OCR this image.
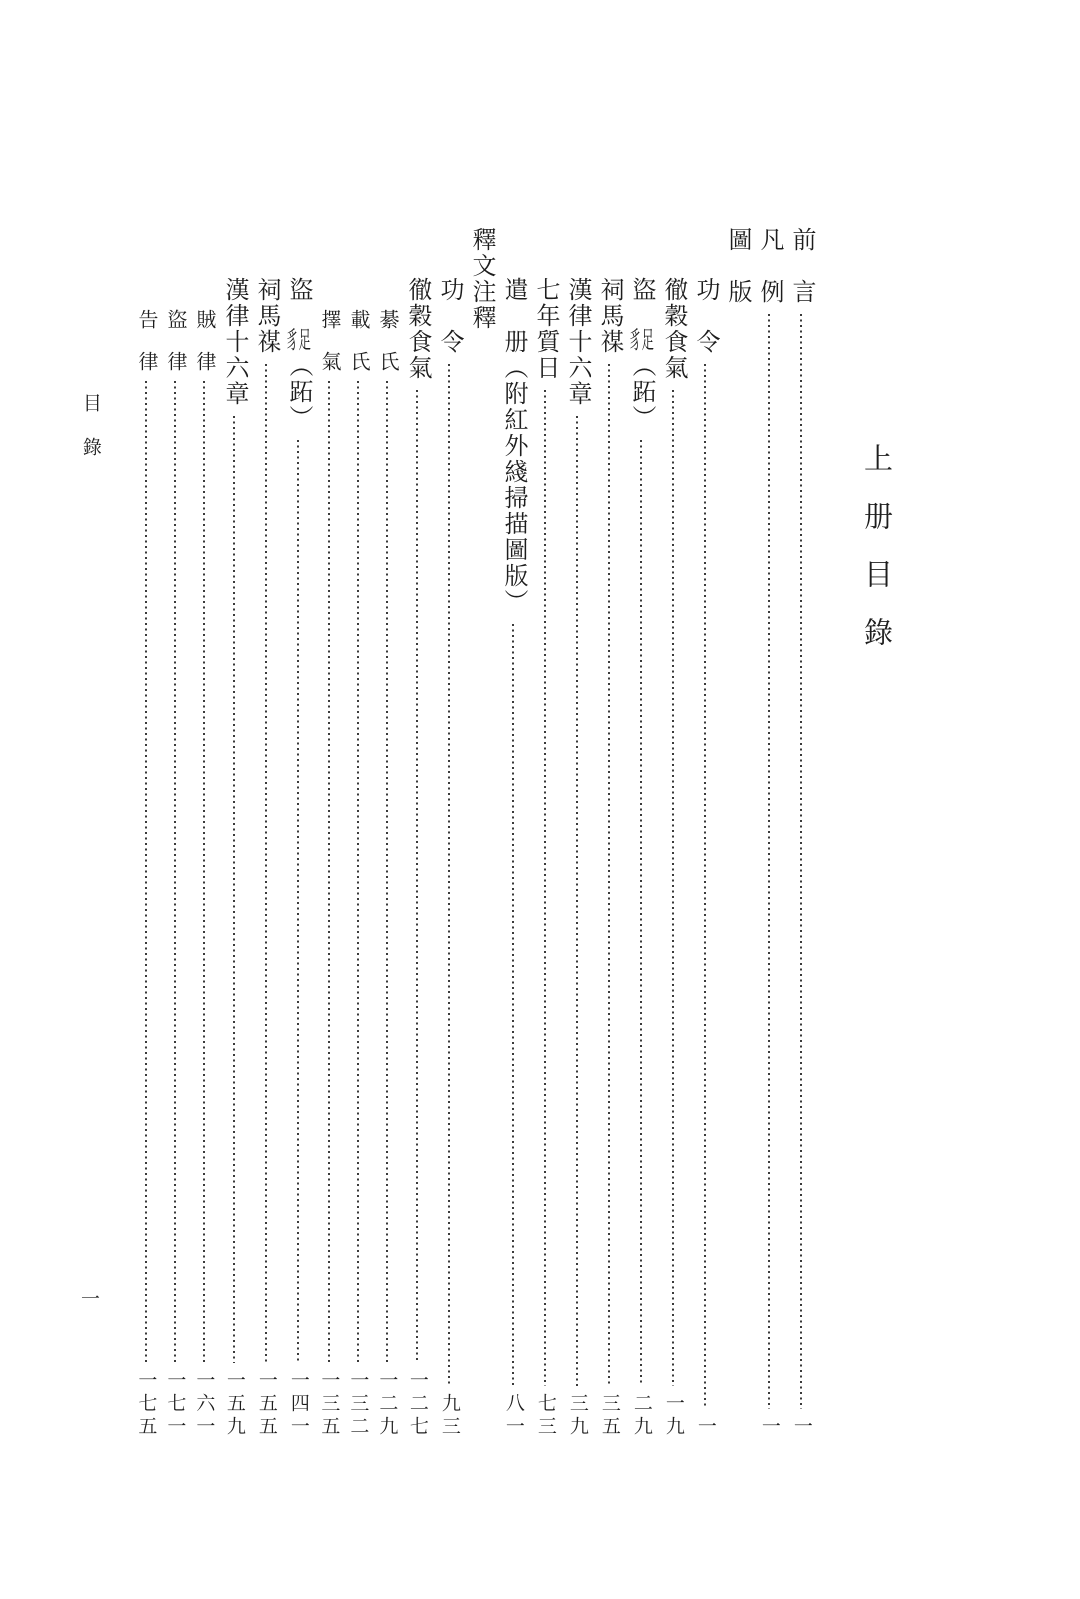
上　册　目　錄
前　言
一
凡　例
一
圖　版
功　令
一
徹穀食氣
一九
盜　豸足（跖）
二九
祠馬禖
三五
漢律十六章
三九
七年質日
七三
遣　册（附紅外綫掃描圖版）
八一
釋文注釋
功　令
九三
徹穀食氣
一二七
綦　氏
一二九
載　氏
一三二
擇　氣
一三五
盜　豸足（跖）
一四一
祠馬禖
一五五
漢律十六章
一五九
賊　律
一六一
盜　律
一七一
告　律
一七五
目　錄
一
